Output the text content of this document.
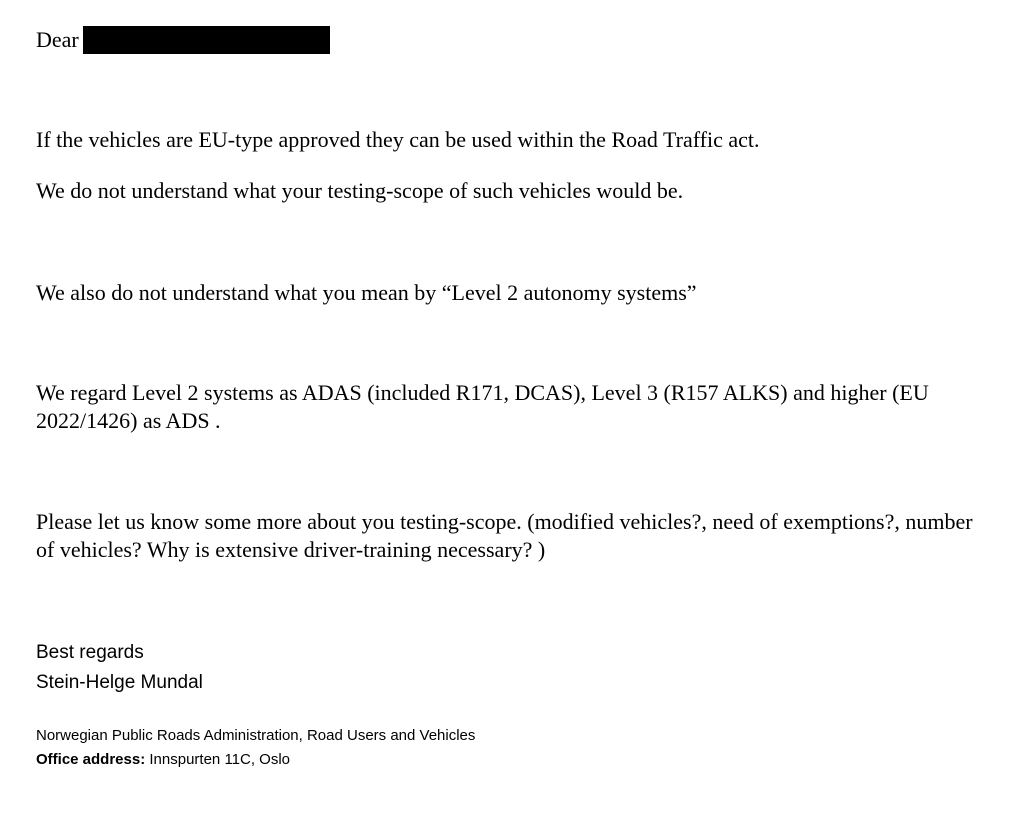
Dear

If the vehicles are EU-type approved they can be used within the Road Traffic act.

We do not understand what your testing-scope of such vehicles would be.

We also do not understand what you mean by “Level 2 autonomy systems”

We regard Level 2 systems as ADAS (included R171, DCAS), Level 3 (R157 ALKS) and higher (EU 2022/1426) as ADS .

Please let us know some more about you testing-scope. (modified vehicles?, need of exemptions?, number of vehicles? Why is extensive driver-training necessary? )

Best regards
Stein-Helge Mundal
Norwegian Public Roads Administration, Road Users and Vehicles
Office address: Innspurten 11C, Oslo
